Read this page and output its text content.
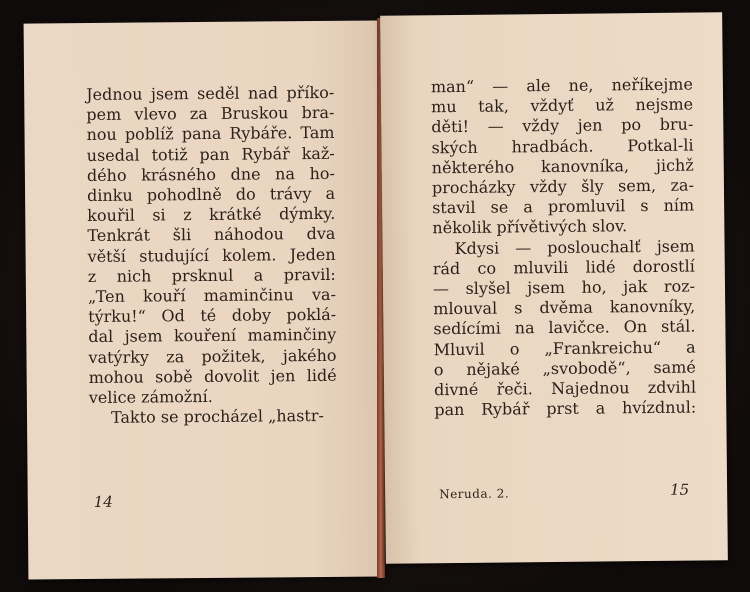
Jednou jsem seděl nad příko-
pem vlevo za Bruskou bra-
nou poblíž pana Rybáře. Tam
usedal totiž pan Rybář kaž-
dého krásného dne na ho-
dinku pohodlně do trávy a
kouřil si z krátké dýmky.
Tenkrát šli náhodou dva
větší studující kolem. Jeden
z nich prsknul a pravil:
„Ten kouří maminčinu va-
týrku!“ Od té doby poklá-
dal jsem kouření maminčiny
vatýrky za požitek, jakého
mohou sobě dovolit jen lidé
velice zámožní.
Takto se procházel „hastr-
14
man“ — ale ne, neříkejme
mu tak, vždyť už nejsme
děti! — vždy jen po bru-
ských hradbách. Potkal-li
některého kanovníka, jichž
procházky vždy šly sem, za-
stavil se a promluvil s ním
několik přívětivých slov.
Kdysi — poslouchalť jsem
rád co mluvili lidé dorostlí
— slyšel jsem ho, jak roz-
mlouval s dvěma kanovníky,
sedícími na lavičce. On stál.
Mluvil o „Frankreichu“ a
o nějaké „svobodě“, samé
divné řeči. Najednou zdvihl
pan Rybář prst a hvízdnul:
Neruda. 2.	15
